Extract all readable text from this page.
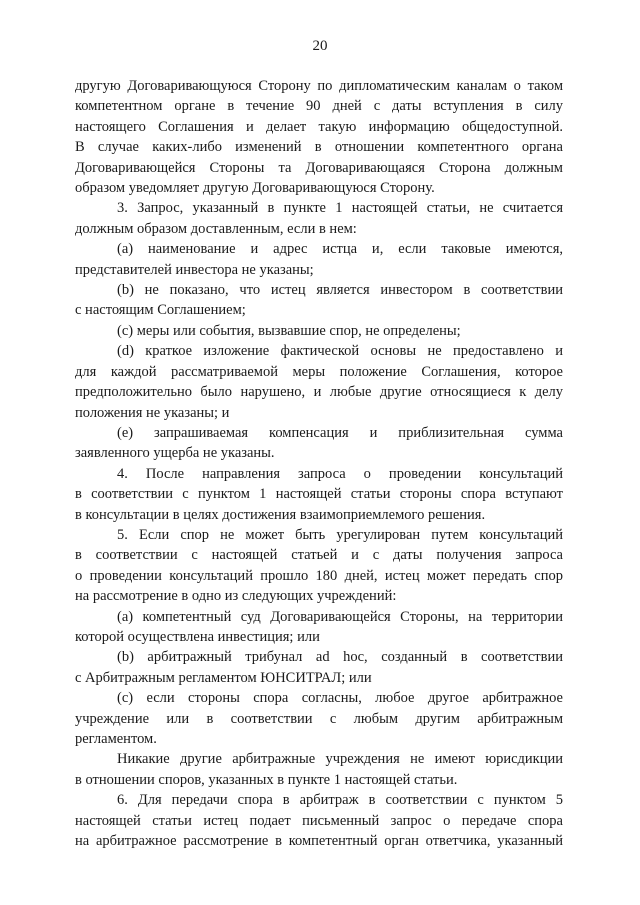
20

другую Договаривающуюся Сторону по дипломатическим каналам о таком

компетентном органе в течение 90 дней с даты вступления в силу

настоящего Соглашения и делает такую информацию общедоступной.

В случае каких-либо изменений в отношении компетентного органа

Договаривающейся Стороны та Договаривающаяся Сторона должным

образом уведомляет другую Договаривающуюся Сторону.

3. Запрос, указанный в пункте 1 настоящей статьи, не считается

должным образом доставленным, если в нем:

(a) наименование и адрес истца и, если таковые имеются,

представителей инвестора не указаны;

(b) не показано, что истец является инвестором в соответствии

с настоящим Соглашением;

(c) меры или события, вызвавшие спор, не определены;

(d) краткое изложение фактической основы не предоставлено и

для каждой рассматриваемой меры положение Соглашения, которое

предположительно было нарушено, и любые другие относящиеся к делу

положения не указаны; и

(e) запрашиваемая компенсация и приблизительная сумма

заявленного ущерба не указаны.

4. После направления запроса о проведении консультаций

в соответствии с пунктом 1 настоящей статьи стороны спора вступают

в консультации в целях достижения взаимоприемлемого решения.

5. Если спор не может быть урегулирован путем консультаций

в соответствии с настоящей статьей и с даты получения запроса

о проведении консультаций прошло 180 дней, истец может передать спор

на рассмотрение в одно из следующих учреждений:

(a) компетентный суд Договаривающейся Стороны, на территории

которой осуществлена инвестиция; или

(b) арбитражный трибунал ad hoc, созданный в соответствии

с Арбитражным регламентом ЮНСИТРАЛ; или

(c) если стороны спора согласны, любое другое арбитражное

учреждение или в соответствии с любым другим арбитражным

регламентом.

Никакие другие арбитражные учреждения не имеют юрисдикции

в отношении споров, указанных в пункте 1 настоящей статьи.

6. Для передачи спора в арбитраж в соответствии с пунктом 5

настоящей статьи истец подает письменный запрос о передаче спора

на арбитражное рассмотрение в компетентный орган ответчика, указанный
